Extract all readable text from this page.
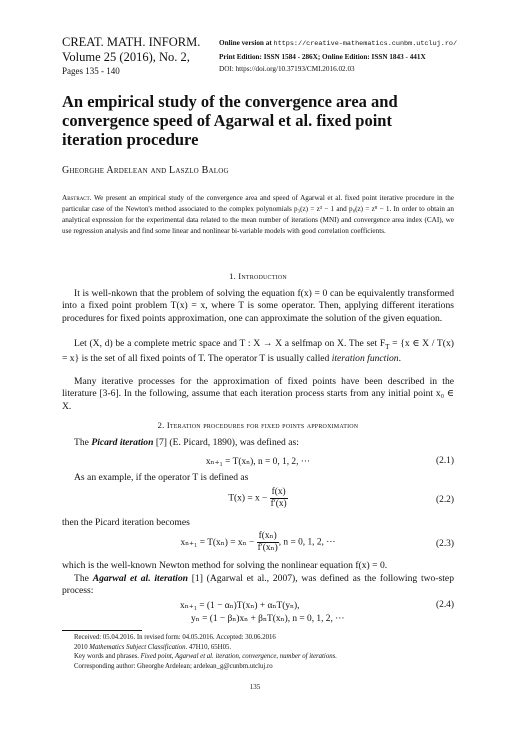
CREAT. MATH. INFORM.
Volume 25 (2016), No. 2,
Pages 135 - 140
Online version at https://creative-mathematics.cunbm.utcluj.ro/
Print Edition: ISSN 1584 - 286X; Online Edition: ISSN 1843 - 441X
DOI: https://doi.org/10.37193/CMI.2016.02.03
An empirical study of the convergence area and convergence speed of Agarwal et al. fixed point iteration procedure
Gheorghe Ardelean and Laszlo Balog
Abstract. We present an empirical study of the convergence area and speed of Agarwal et al. fixed point iterative procedure in the particular case of the Newton's method associated to the complex polynomials p₃(z) = z³ − 1 and p₈(z) = z⁸ − 1. In order to obtain an analytical expression for the experimental data related to the mean number of iterations (MNI) and convergence area index (CAI), we use regression analysis and find some linear and nonlinear bi-variable models with good correlation coefficients.
1. Introduction
It is well-nkown that the problem of solving the equation f(x) = 0 can be equivalently transformed into a fixed point problem T(x) = x, where T is some operator. Then, applying different iterations procedures for fixed points approximation, one can approximate the solution of the given equation.
Let (X, d) be a complete metric space and T : X → X a selfmap on X. The set $F_T = \{x$ ∈ X / T(x) = x} is the set of all fixed points of T. The operator T is usually called iteration function.
Many iterative processes for the approximation of fixed points have been described in the literature [3-6]. In the following, assume that each iteration process starts from any initial point x₀ ∈ X.
2. Iteration procedures for fixed points approximation
The Picard iteration [7] (E. Picard, 1890), was defined as:
xₙ₊₁ = T(xₙ), n = 0, 1, 2, ···	(2.1)
As an example, if the operator T is defined as
$T(x) = x - \frac{f(x)}{f'(x)}$	(2.2)
then the Picard iteration becomes
$x_{n+1} = T(x_n) = x_n - \frac{\text{f(xₙ)}}{\text{f′(xₙ)}}$ , n = 0, 1, 2, ···	(2.3)
which is the well-known Newton method for solving the nonlinear equation f(x) = 0.
The Agarwal et al. iteration [1] (Agarwal et al., 2007), was defined as the following two-step process:
xₙ₊₁ = (1 − αₙ)T(xₙ) + αₙT(yₙ),
yₙ = (1 − βₙ)xₙ + βₙT(xₙ), n = 0, 1, 2, ···
(2.4)
Received: 05.04.2016. In revised form: 04.05.2016. Accepted: 30.06.2016
2010 Mathematics Subject Classification. 47H10, 65H05.
Key words and phrases. Fixed point, Agarwal et al. iteration, convergence, number of iterations.
Corresponding author: Gheorghe Ardelean; ardelean_g@cunbm.utcluj.ro
135
